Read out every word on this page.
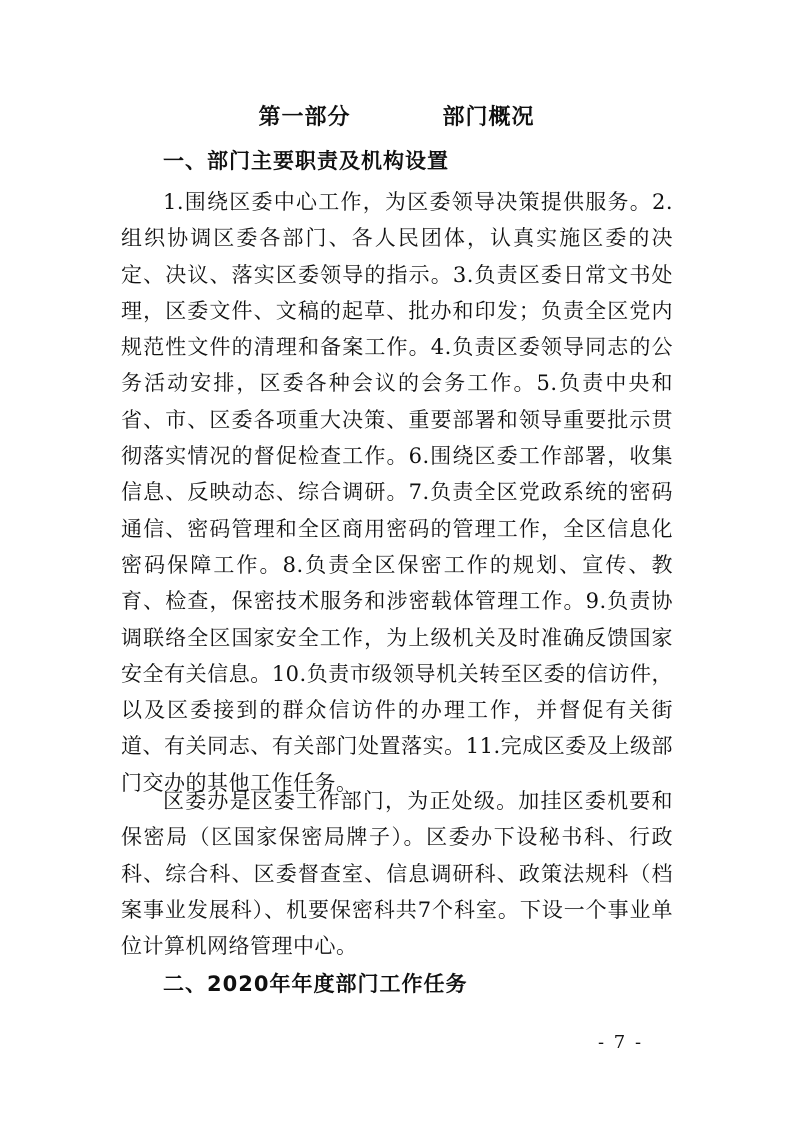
第一部分   部门概况
一、部门主要职责及机构设置

1.围绕区委中心工作，为区委领导决策提供服务。2.组织协调区委各部门、各人民团体，认真实施区委的决定、决议、落实区委领导的指示。3.负责区委日常文书处理，区委文件、文稿的起草、批办和印发；负责全区党内规范性文件的清理和备案工作。4.负责区委领导同志的公务活动安排，区委各种会议的会务工作。5.负责中央和省、市、区委各项重大决策、重要部署和领导重要批示贯彻落实情况的督促检查工作。6.围绕区委工作部署，收集信息、反映动态、综合调研。7.负责全区党政系统的密码通信、密码管理和全区商用密码的管理工作，全区信息化密码保障工作。8.负责全区保密工作的规划、宣传、教育、检查，保密技术服务和涉密载体管理工作。9.负责协调联络全区国家安全工作，为上级机关及时准确反馈国家安全有关信息。10.负责市级领导机关转至区委的信访件，以及区委接到的群众信访件的办理工作，并督促有关街道、有关同志、有关部门处置落实。11.完成区委及上级部门交办的其他工作任务。

区委办是区委工作部门，为正处级。加挂区委机要和保密局（区国家保密局牌子）。区委办下设秘书科、行政科、综合科、区委督查室、信息调研科、政策法规科（档案事业发展科）、机要保密科共7个科室。下设一个事业单位计算机网络管理中心。

二、2020年年度部门工作任务
- 7 -
